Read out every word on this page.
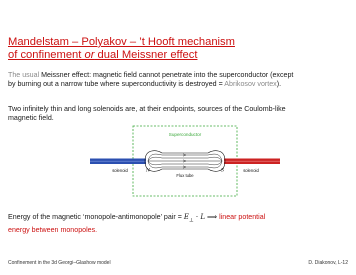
Mandelstam – Polyakov – ’t Hooft mechanism
of confinement or dual Meissner effect
The usual Meissner effect: magnetic field cannot penetrate into the superconductor (except
by burning out a narrow tube where superconductivity is destroyed = Abrikosov vortex).
Two infinitely thin and long solenoids are, at their endpoints, sources of the Coulomb-like
magnetic field.
Superconductor
solenoid	solenoid
N	S
Flux tube
Energy of the magnetic ‘monopole-antimonopole’ pair = $E_\perp \cdot L$ ⟹ linear potential
energy between monopoles.
Confinement in the 3d Georgi–Glashow model	D. Diakonov, L-12
